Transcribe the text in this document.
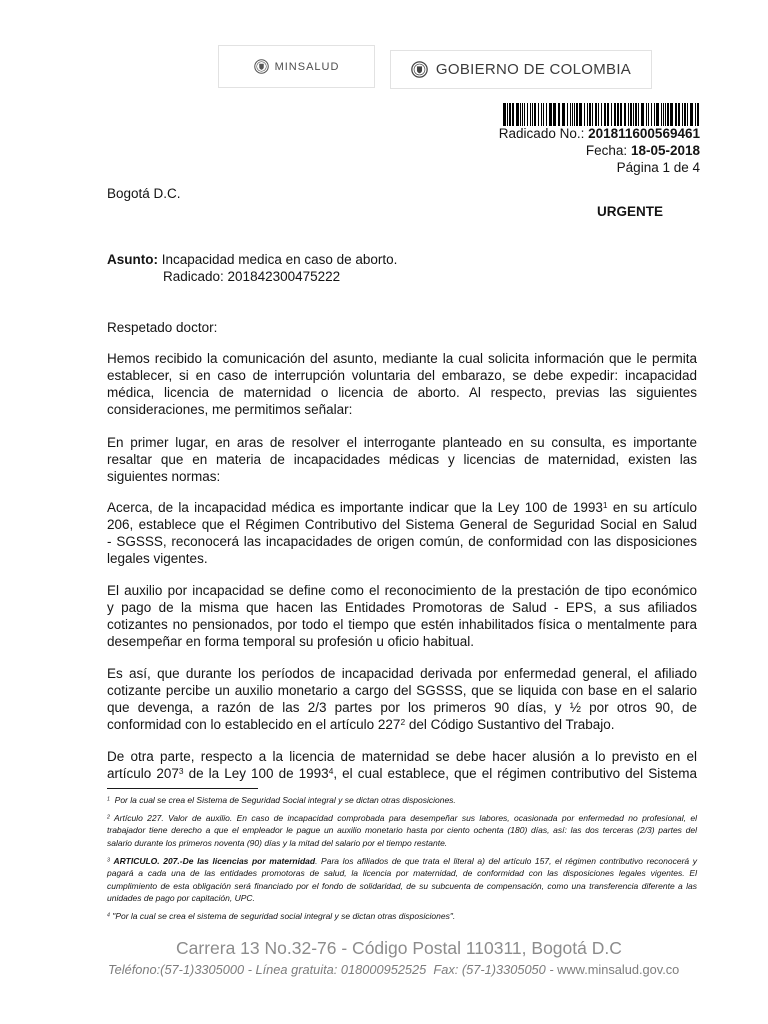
MINSALUD	GOBIERNO DE COLOMBIA
Radicado No.: 201811600569461
Fecha: 18-05-2018
Página 1 de 4
Bogotá D.C.
URGENTE
Asunto: Incapacidad medica en caso de aborto.
Radicado: 201842300475222
Respetado doctor:
Hemos recibido la comunicación del asunto, mediante la cual solicita información que le permita
establecer, si en caso de interrupción voluntaria del embarazo, se debe expedir: incapacidad
médica, licencia de maternidad o licencia de aborto. Al respecto, previas las siguientes
consideraciones, me permitimos señalar:
En primer lugar, en aras de resolver el interrogante planteado en su consulta, es importante
resaltar que en materia de incapacidades médicas y licencias de maternidad, existen las
siguientes normas:
Acerca, de la incapacidad médica es importante indicar que la Ley 100 de 1993$^1$ en su artículo
206, establece que el Régimen Contributivo del Sistema General de Seguridad Social en Salud
- SGSSS, reconocerá las incapacidades de origen común, de conformidad con las disposiciones
legales vigentes.
El auxilio por incapacidad se define como el reconocimiento de la prestación de tipo económico
y pago de la misma que hacen las Entidades Promotoras de Salud - EPS, a sus afiliados
cotizantes no pensionados, por todo el tiempo que estén inhabilitados física o mentalmente para
desempeñar en forma temporal su profesión u oficio habitual.
Es así, que durante los períodos de incapacidad derivada por enfermedad general, el afiliado
cotizante percibe un auxilio monetario a cargo del SGSSS, que se liquida con base en el salario
que devenga, a razón de las 2/3 partes por los primeros 90 días, y ½ por otros 90, de
conformidad con lo establecido en el artículo $227^2$ del Código Sustantivo del Trabajo.
De otra parte, respecto a la licencia de maternidad se debe hacer alusión a lo previsto en el
artículo $207^3$ de la Ley 100 de 1993$^4$, el cual establece, que el régimen contributivo del Sistema
$^1$  Por la cual se crea el Sistema de Seguridad Social integral y se dictan otras disposiciones.
$^2$ Artículo 227. Valor de auxilio. En caso de incapacidad comprobada para desempeñar sus labores, ocasionada por enfermedad no profesional, el
trabajador tiene derecho a que el empleador le pague un auxilio monetario hasta por ciento ochenta (180) días, así: las dos terceras (2/3) partes del
salario durante los primeros noventa (90) días y la mitad del salario por el tiempo restante.
$^3$ ARTICULO. 207.-De las licencias por maternidad. Para los afiliados de que trata el literal a) del artículo 157, el régimen contributivo reconocerá y
pagará a cada una de las entidades promotoras de salud, la licencia por maternidad, de conformidad con las disposiciones legales vigentes. El
cumplimiento de esta obligación será financiado por el fondo de solidaridad, de su subcuenta de compensación, como una transferencia diferente a las
unidades de pago por capitación, UPC.
$^4$ "Por la cual se crea el sistema de seguridad social integral y se dictan otras disposiciones".
Carrera 13 No.32-76 - Código Postal 110311, Bogotá D.C
Teléfono:(57-1)3305000 - Línea gratuita: 018000952525  Fax: (57-1)3305050 - www.minsalud.gov.co
